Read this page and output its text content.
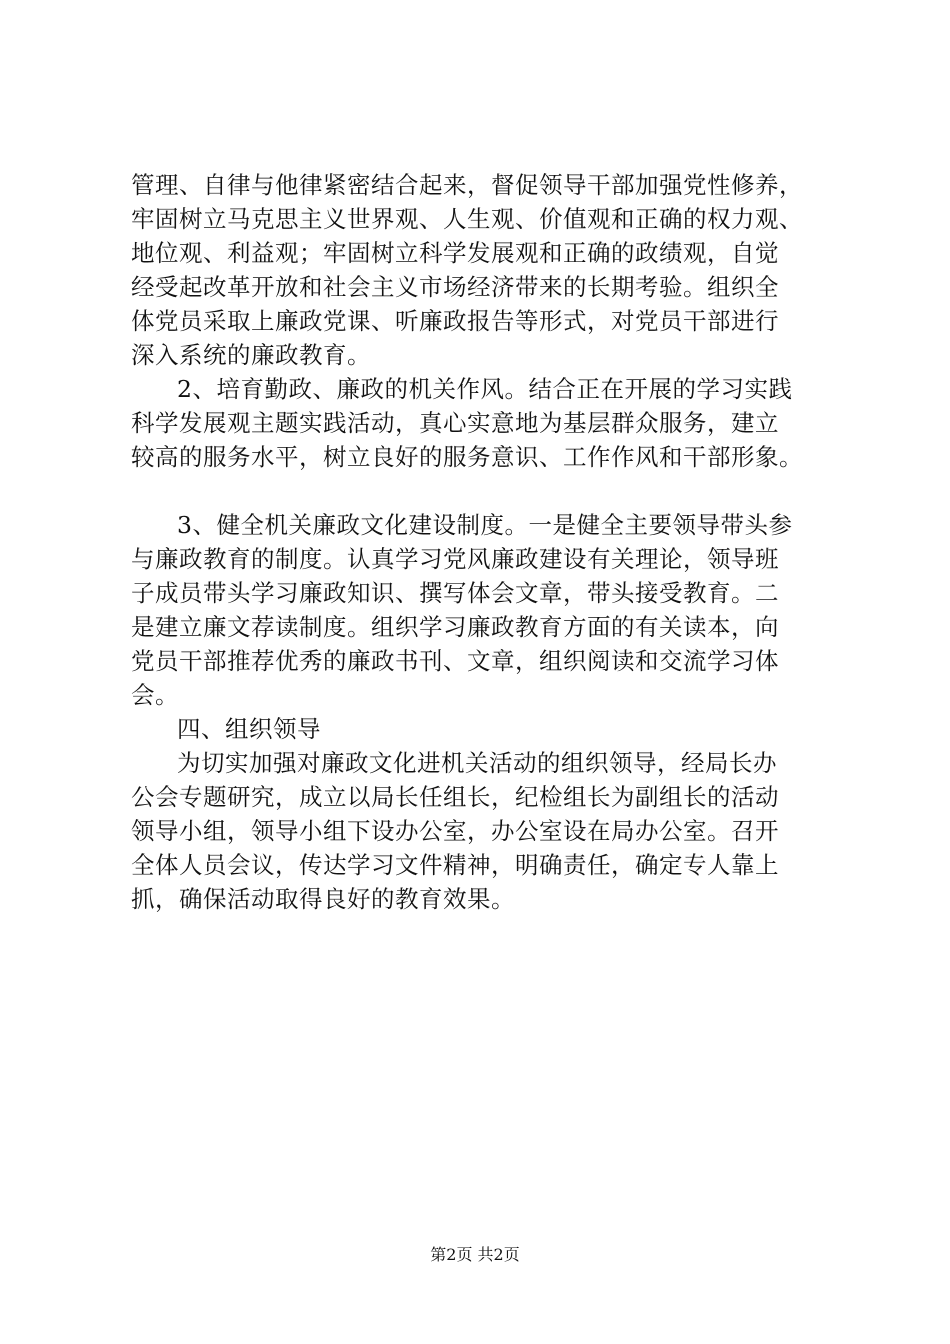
管理、自律与他律紧密结合起来，督促领导干部加强党性修养，
牢固树立马克思主义世界观、人生观、价值观和正确的权力观、
地位观、利益观；牢固树立科学发展观和正确的政绩观，自觉
经受起改革开放和社会主义市场经济带来的长期考验。组织全
体党员采取上廉政党课、听廉政报告等形式，对党员干部进行
深入系统的廉政教育。
2、培育勤政、廉政的机关作风。结合正在开展的学习实践
科学发展观主题实践活动，真心实意地为基层群众服务，建立
较高的服务水平，树立良好的服务意识、工作作风和干部形象。
3、健全机关廉政文化建设制度。一是健全主要领导带头参
与廉政教育的制度。认真学习党风廉政建设有关理论，领导班
子成员带头学习廉政知识、撰写体会文章，带头接受教育。二
是建立廉文荐读制度。组织学习廉政教育方面的有关读本，向
党员干部推荐优秀的廉政书刊、文章，组织阅读和交流学习体
会。
四、组织领导
为切实加强对廉政文化进机关活动的组织领导，经局长办
公会专题研究，成立以局长任组长，纪检组长为副组长的活动
领导小组，领导小组下设办公室，办公室设在局办公室。召开
全体人员会议，传达学习文件精神，明确责任，确定专人靠上
抓，确保活动取得良好的教育效果。
第2页 共2页
